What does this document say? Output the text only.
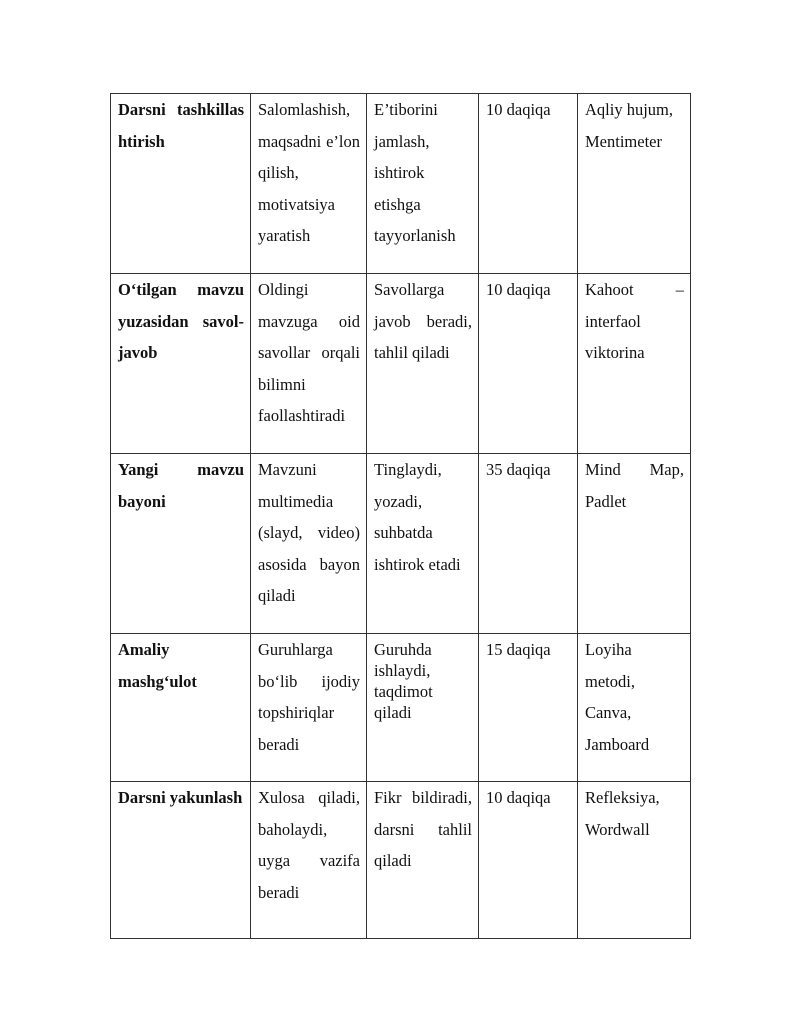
Darsni tashkillashtirish	Salomlashish, maqsadni e’lon qilish, motivatsiya yaratish	E’tiborini jamlash, ishtirok etishga tayyorlanish	10 daqiqa	Aqliy hujum, Mentimeter
O‘tilgan mavzu yuzasidan savol-javob	Oldingi mavzuga oid savollar orqali bilimni faollashtiradi	Savollarga javob beradi, tahlil qiladi	10 daqiqa	Kahoot – interfaol viktorina
Yangi mavzu bayoni	Mavzuni multimedia (slayd, video) asosida bayon qiladi	Tinglaydi, yozadi, suhbatda ishtirok etadi	35 daqiqa	Mind Map, Padlet
Amaliy mashg‘ulot	Guruhlarga bo‘lib ijodiy topshiriqlar beradi	Guruhda ishlaydi, taqdimot qiladi	15 daqiqa	Loyiha metodi, Canva, Jamboard
Darsni yakunlash	Xulosa qiladi, baholaydi, uyga vazifa beradi	Fikr bildiradi, darsni tahlil qiladi	10 daqiqa	Refleksiya, Wordwall
